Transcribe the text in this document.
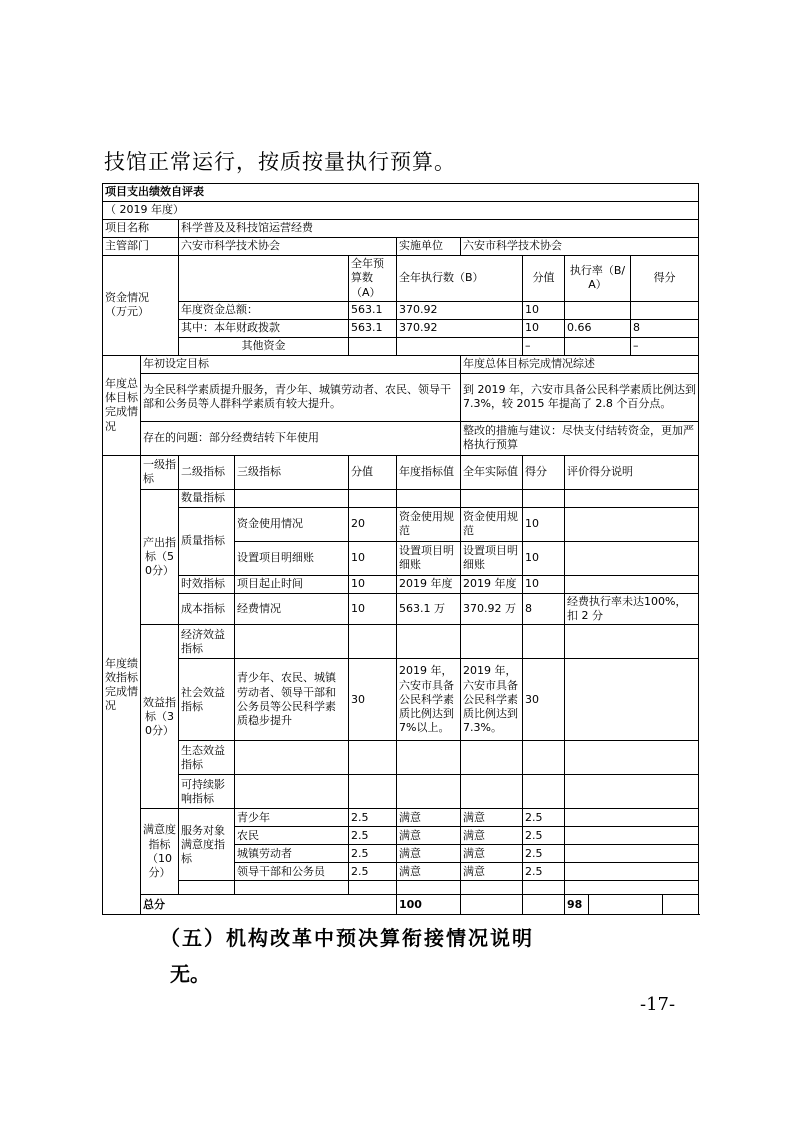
技馆正常运行，按质按量执行预算。
项目支出绩效自评表											
（ 2019 年度）											
项目名称		科学普及及科技馆运营经费									
主管部门		六安市科学技术协会			实施单位	六安市科学技术协会					
资金情况　（万元）				全年预算数（A）	全年执行数（B）		分值	执行率（B/A）		得分	
		年度资金总额：		563.1	370.92		10				
		其中：本年财政拨款		563.1	370.92		10	0.66		8	
		其他资金					–			–	
年度总体目标完成情况	年初设定目标					年度总体目标完成情况综述					
	为全民科学素质提升服务，青少年、城镇劳动者、农民、领导干部和公务员等人群科学素质有较大提升。					到 2019 年，六安市具备公民科学素质比例达到 7.3%，较 2015 年提高了 2.8 个百分点。					
	存在的问题：部分经费结转下年使用					整改的措施与建议：尽快支付结转资金，更加严格执行预算					
年度绩效指标完成情况	一级指标	二级指标	三级指标	分值	年度指标值	全年实际值	得分	评价得分说明			
	产出指标（50分）	数量指标									
		质量指标	资金使用情况	20	资金使用规范	资金使用规范	10				
			设置项目明细账	10	设置项目明细账	设置项目明细账	10				
		时效指标	项目起止时间	10	2019 年度	2019 年度	10				
		成本指标	经费情况	10	563.1 万	370.92 万	8	经费执行率未达100%，扣 2 分			
	效益指标（30分）	经济效益指标									
		社会效益指标	青少年、农民、城镇劳动者、领导干部和公务员等公民科学素质稳步提升	30	2019 年，六安市具备公民科学素质比例达到 7%以上。	2019 年，六安市具备公民科学素质比例达到 7.3%。	30				
		生态效益指标									
		可持续影响指标									
	满意度指标（10分）	服务对象满意度指标	青少年	2.5	满意	满意	2.5				
			农民	2.5	满意	满意	2.5				
			城镇劳动者	2.5	满意	满意	2.5				
			领导干部和公务员	2.5	满意	满意	2.5				

	总分				100			98			
（五）机构改革中预决算衔接情况说明
无。
-17-
